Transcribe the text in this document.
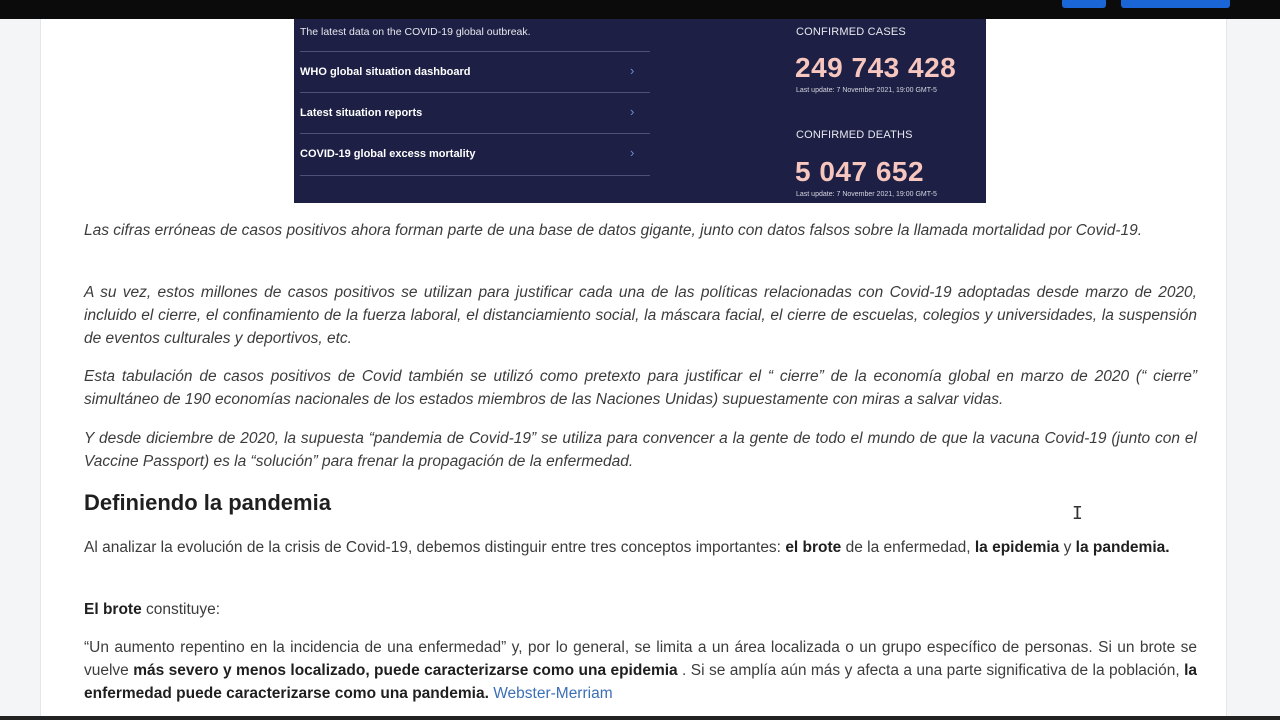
The latest data on the COVID-19 global outbreak.
WHO global situation dashboard	›
Latest situation reports	›
COVID-19 global excess mortality	›
CONFIRMED CASES
249 743 428
Last update: 7 November 2021, 19:00 GMT-5
CONFIRMED DEATHS
5 047 652
Last update: 7 November 2021, 19:00 GMT-5

Las cifras erróneas de casos positivos ahora forman parte de una base de datos gigante, junto con datos falsos sobre la llamada mortalidad por Covid-19.

A su vez, estos millones de casos positivos se utilizan para justificar cada una de las políticas relacionadas con Covid-19 adoptadas desde marzo de 2020, incluido el cierre, el confinamiento de la fuerza laboral, el distanciamiento social, la máscara facial, el cierre de escuelas, colegios y universidades, la suspensión de eventos culturales y deportivos, etc.

Esta tabulación de casos positivos de Covid también se utilizó como pretexto para justificar el “ cierre” de la economía global en marzo de 2020 (“ cierre” simultáneo de 190 economías nacionales de los estados miembros de las Naciones Unidas) supuestamente con miras a salvar vidas.

Y desde diciembre de 2020, la supuesta “pandemia de Covid-19” se utiliza para convencer a la gente de todo el mundo de que la vacuna Covid-19 (junto con el Vaccine Passport) es la “solución” para frenar la propagación de la enfermedad.

Definiendo la pandemia

Al analizar la evolución de la crisis de Covid-19, debemos distinguir entre tres conceptos importantes: el brote de la enfermedad, la epidemia y la pandemia.

El brote constituye:

“Un aumento repentino en la incidencia de una enfermedad” y, por lo general, se limita a un área localizada o un grupo específico de personas. Si un brote se vuelve más severo y menos localizado, puede caracterizarse como una epidemia . Si se amplía aún más y afecta a una parte significativa de la población, la enfermedad puede caracterizarse como una pandemia. Webster-Merriam

I
